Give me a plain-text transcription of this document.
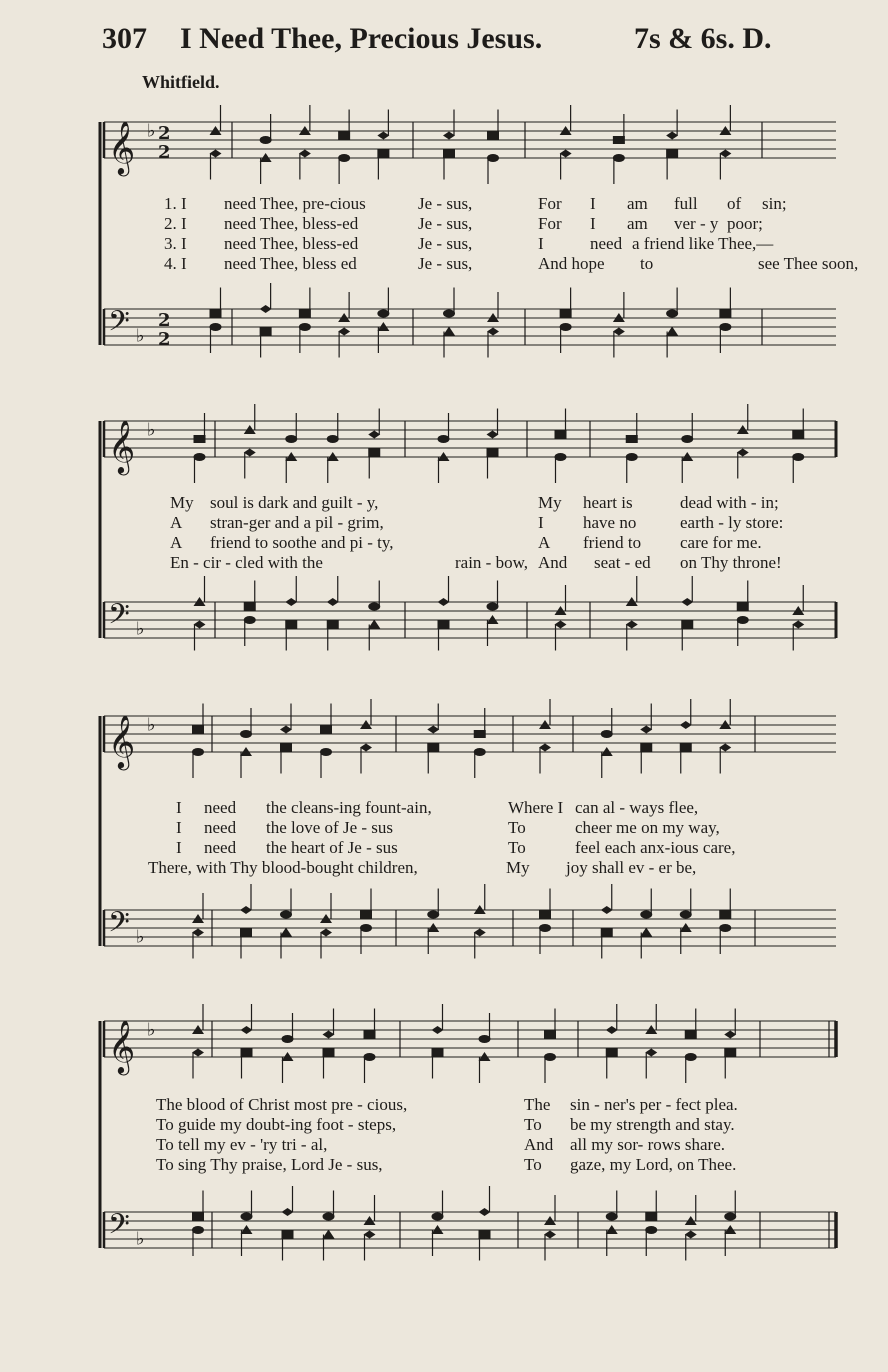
307 I Need Thee, Precious Jesus.	7s & 6s. D.
Whitfield.
2
2
2
2
𝄞 ♭
𝄢 ♭
𝄞 ♭
𝄢 ♭
𝄞 ♭
𝄢 ♭
𝄞 ♭
𝄢 ♭
1. I need Thee, pre-cious	Je - sus,	For I am full of sin;
2. I need Thee, bless-ed	Je - sus,	For I am ver - y poor;
3. I need Thee, bless-ed	Je - sus,	I	need a friend like Thee,—
4. I need Thee, bless ed	Je - sus,	And hope to	see Thee soon,
My soul is dark and guilt - y,	My heart is	dead with - in;
A stran-ger and a pil - grim,	I have no	earth - ly store:
A friend to soothe and pi - ty,	A friend to care for me.
En - cir - cled with the	rain - bow, And seat - ed on Thy throne!
I need the cleans-ing fount-ain,	Where I can al - ways flee,
I need the love of Je - sus	To	cheer me on my way,
I need the heart of Je - sus	To	feel each anx-ious care,
There, with Thy blood-bought children,	My joy shall ev - er be,
The blood of Christ most pre - cious,	The sin - ner's per - fect plea.
To guide my doubt-ing foot - steps,	To be my strength and stay.
To tell my ev - 'ry tri - al,	And all my sor- rows share.
To sing Thy praise, Lord Je - sus,	To gaze, my Lord, on Thee.
